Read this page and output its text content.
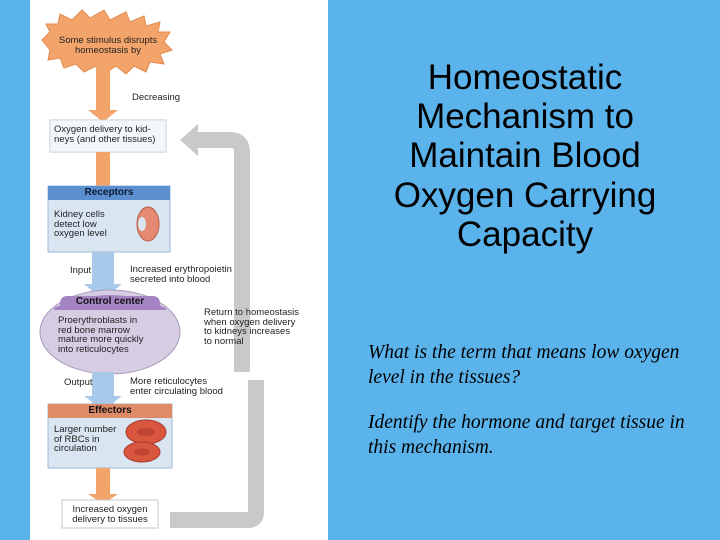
Some stimulus disrupts
homeostasis by
Decreasing
Oxygen delivery to kid-
neys (and other tissues)
Receptors
Kidney cells
detect low
oxygen level
Input	Increased erythropoietin
secreted into blood
Control center
Proerythroblasts in
red bone marrow
mature more quickly
into reticulocytes
Return to homeostasis
when oxygen delivery
to kidneys increases
to normal
Output	More reticulocytes
enter circulating blood
Effectors
Larger number
of RBCs in
circulation
Increased oxygen
delivery to tissues
Homeostatic Mechanism to Maintain Blood Oxygen Carrying Capacity
What is the term that means low oxygen level in the tissues?
Identify the hormone and target tissue in this mechanism.
